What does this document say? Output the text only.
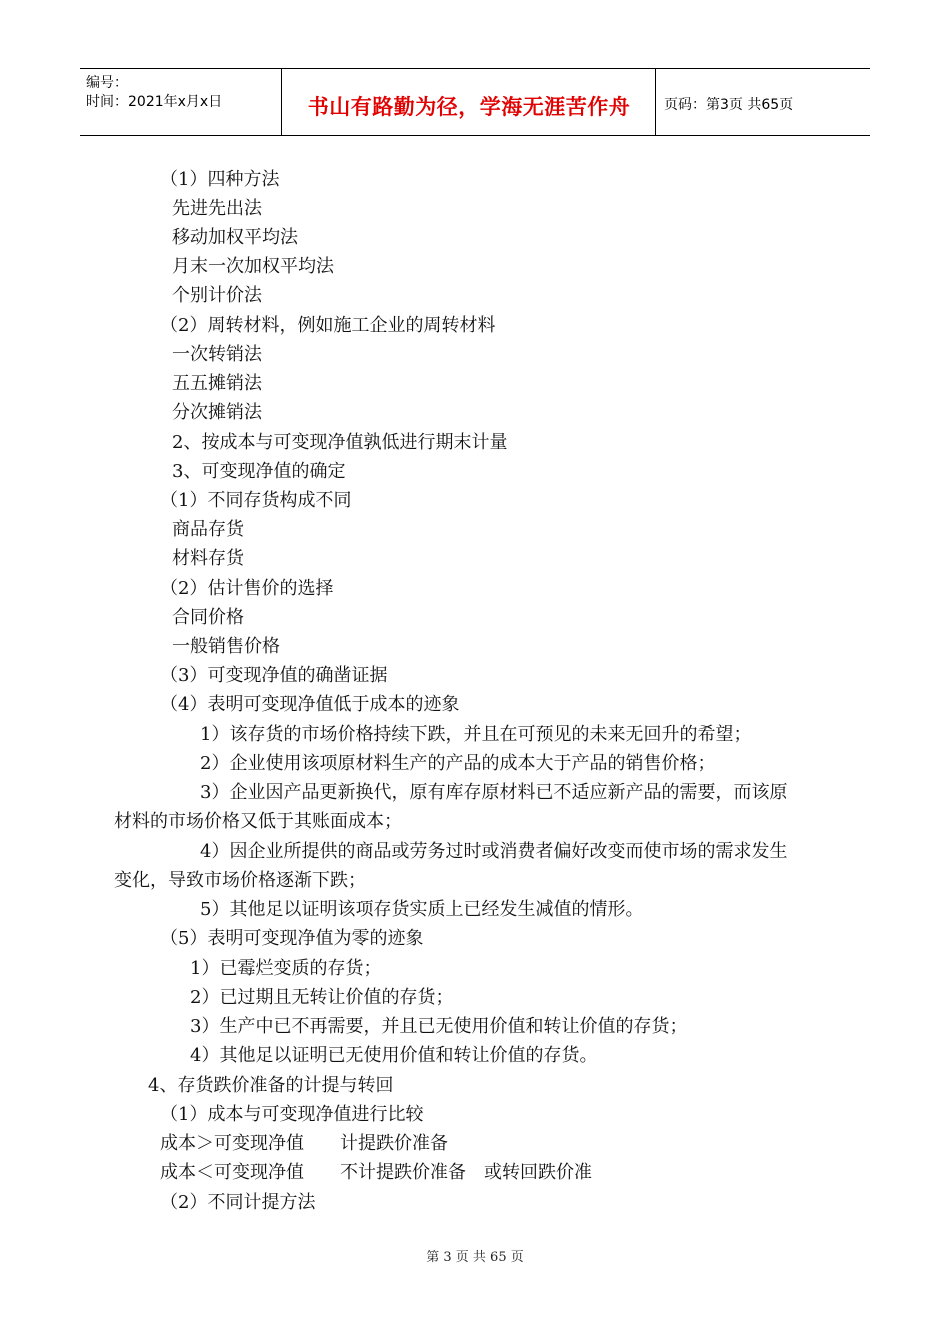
编号：
时间：2021年x月x日	书山有路勤为径，学海无涯苦作舟	页码：第3页 共65页
（1）四种方法
先进先出法
移动加权平均法
月末一次加权平均法
个别计价法
（2）周转材料，例如施工企业的周转材料
一次转销法
五五摊销法
分次摊销法
2、按成本与可变现净值孰低进行期末计量
3、可变现净值的确定
（1）不同存货构成不同
商品存货
材料存货
（2）估计售价的选择
合同价格
一般销售价格
（3）可变现净值的确凿证据
（4）表明可变现净值低于成本的迹象
1）该存货的市场价格持续下跌，并且在可预见的未来无回升的希望；
2）企业使用该项原材料生产的产品的成本大于产品的销售价格；
3）企业因产品更新换代，原有库存原材料已不适应新产品的需要，而该原
材料的市场价格又低于其账面成本；
4）因企业所提供的商品或劳务过时或消费者偏好改变而使市场的需求发生
变化，导致市场价格逐渐下跌；
5）其他足以证明该项存货实质上已经发生减值的情形。
（5）表明可变现净值为零的迹象
1）已霉烂变质的存货；
2）已过期且无转让价值的存货；
3）生产中已不再需要，并且已无使用价值和转让价值的存货；
4）其他足以证明已无使用价值和转让价值的存货。
4、存货跌价准备的计提与转回
（1）成本与可变现净值进行比较
成本＞可变现净值　　计提跌价准备
成本＜可变现净值　　不计提跌价准备　或转回跌价准
（2）不同计提方法
第 3 页 共 65 页
